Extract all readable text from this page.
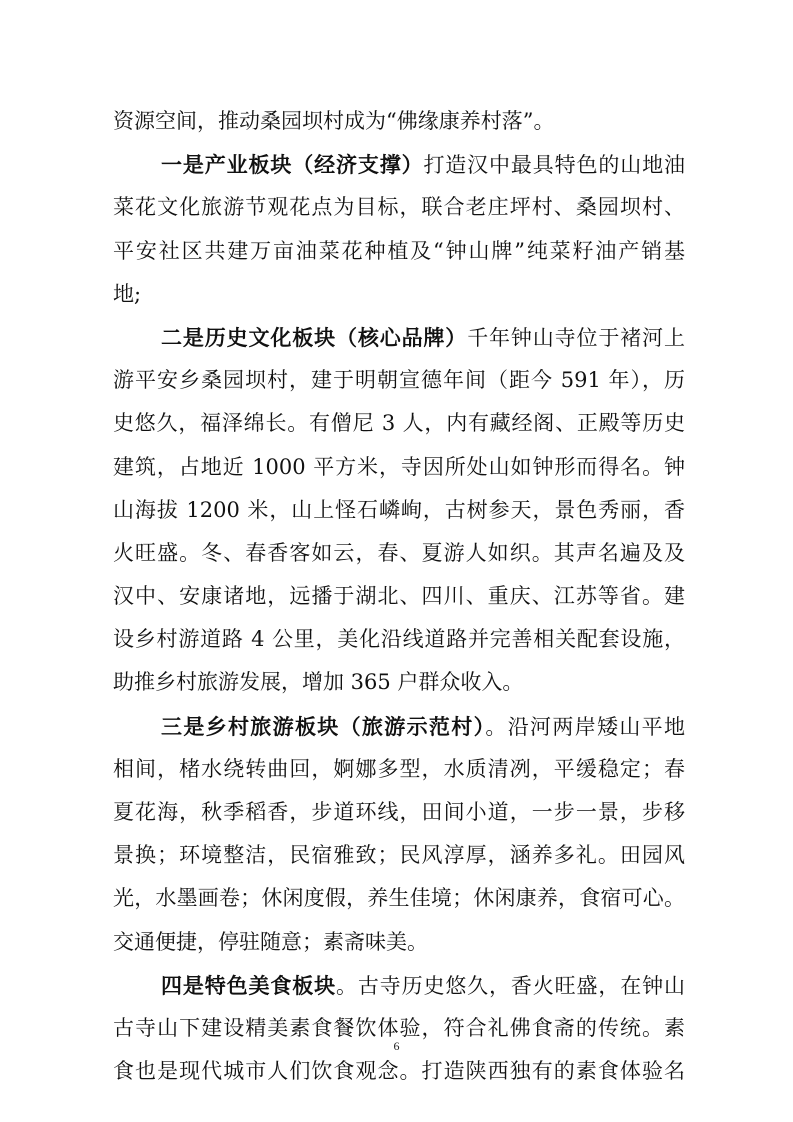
资源空间，推动桑园坝村成为“佛缘康养村落”。
一是产业板块（经济支撑）打造汉中最具特色的山地油
菜花文化旅游节观花点为目标，联合老庄坪村、桑园坝村、
平安社区共建万亩油菜花种植及“钟山牌”纯菜籽油产销基
地;
二是历史文化板块（核心品牌）千年钟山寺位于褚河上
游平安乡桑园坝村，建于明朝宣德年间（距今 591 年），历
史悠久，福泽绵长。有僧尼 3 人，内有藏经阁、正殿等历史
建筑，占地近 1000 平方米，寺因所处山如钟形而得名。钟
山海拔 1200 米，山上怪石嶙峋，古树参天，景色秀丽，香
火旺盛。冬、春香客如云，春、夏游人如织。其声名遍及及
汉中、安康诸地，远播于湖北、四川、重庆、江苏等省。建
设乡村游道路 4 公里，美化沿线道路并完善相关配套设施，
助推乡村旅游发展，增加 365 户群众收入。
三是乡村旅游板块（旅游示范村）。沿河两岸矮山平地
相间，楮水绕转曲回，婀娜多型，水质清冽，平缓稳定；春
夏花海，秋季稻香，步道环线，田间小道，一步一景，步移
景换；环境整洁，民宿雅致；民风淳厚，涵养多礼。田园风
光，水墨画卷；休闲度假，养生佳境；休闲康养，食宿可心。
交通便捷，停驻随意；素斋味美。
四是特色美食板块。古寺历史悠久，香火旺盛，在钟山
古寺山下建设精美素食餐饮体验，符合礼佛食斋的传统。素
食也是现代城市人们饮食观念。打造陕西独有的素食体验名
6
